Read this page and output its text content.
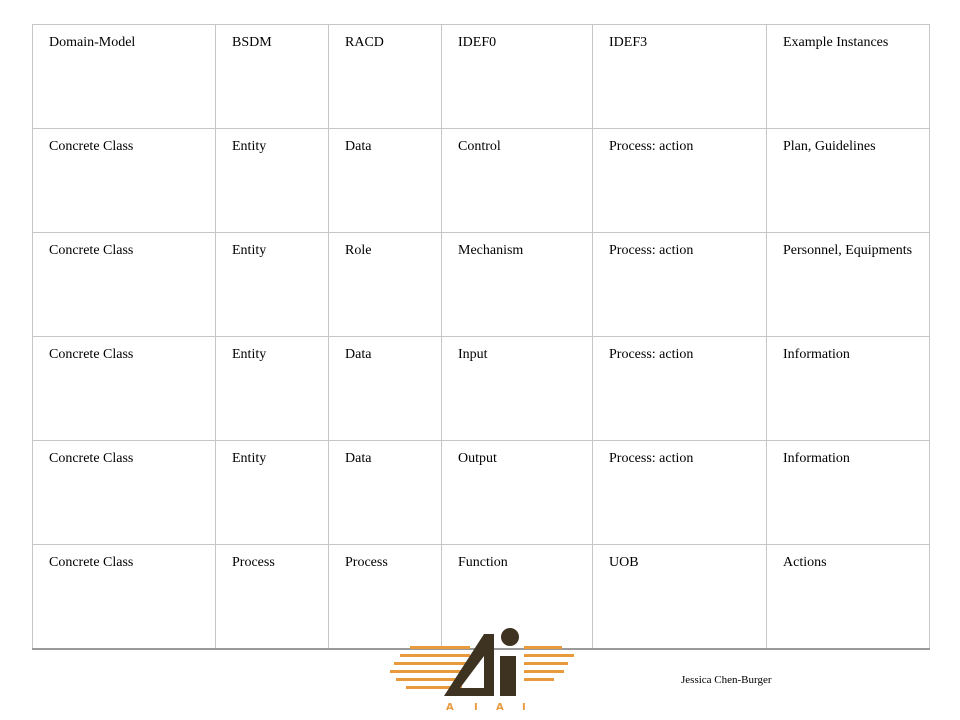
Domain-Model	BSDM	RACD	IDEF0	IDEF3	Example Instances
Concrete Class	Entity	Data	Control	Process: action	Plan, Guidelines
Concrete Class	Entity	Role	Mechanism	Process: action	Personnel, Equipments
Concrete Class	Entity	Data	Input	Process: action	Information
Concrete Class	Entity	Data	Output	Process: action	Information
Concrete Class	Process	Process	Function	UOB	Actions
A I A I
Jessica Chen-Burger
